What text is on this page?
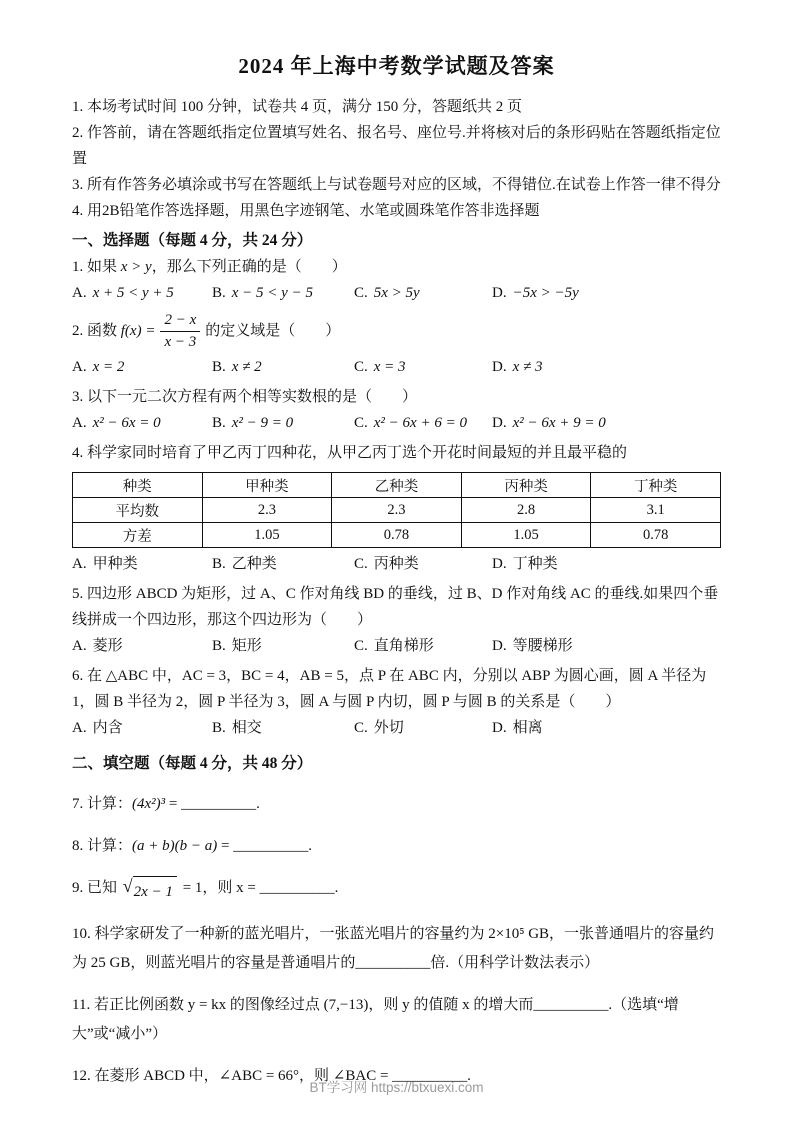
2024 年上海中考数学试题及答案

1. 本场考试时间 100 分钟，试卷共 4 页，满分 150 分，答题纸共 2 页

2. 作答前，请在答题纸指定位置填写姓名、报名号、座位号.并将核对后的条形码贴在答题纸指定位置

3. 所有作答务必填涂或书写在答题纸上与试卷题号对应的区域，不得错位.在试卷上作答一律不得分

4. 用2B铅笔作答选择题，用黑色字迹钢笔、水笔或圆珠笔作答非选择题

一、选择题（每题 4 分，共 24 分）

1. 如果 x > y，那么下列正确的是（　　）

A. x + 5 < y + 5	B. x − 5 < y − 5	C. 5x > 5y	D. −5x > −5y

2. 函数 $f(x) = \frac{2 - x}{x - 3}$ 的定义域是（　　）

A. x = 2	B. x ≠ 2	C. x = 3	D. x ≠ 3

3. 以下一元二次方程有两个相等实数根的是（　　）

A. x² − 6x = 0	B. x² − 9 = 0	C. x² − 6x + 6 = 0	D. x² − 6x + 9 = 0

4. 科学家同时培育了甲乙丙丁四种花，从甲乙丙丁选个开花时间最短的并且最平稳的

种类	甲种类	乙种类	丙种类	丁种类
平均数	2.3	2.3	2.8	3.1
方差	1.05	0.78	1.05	0.78
A. 甲种类	B. 乙种类	C. 丙种类	D. 丁种类

5. 四边形 ABCD 为矩形，过 A、C 作对角线 BD 的垂线，过 B、D 作对角线 AC 的垂线.如果四个垂线拼成一个四边形，那这个四边形为（　　）

A. 菱形	B. 矩形	C. 直角梯形	D. 等腰梯形

6. 在 △ABC 中，AC = 3，BC = 4，AB = 5，点 P 在 ABC 内，分别以 ABP 为圆心画，圆 A 半径为 1，圆 B 半径为 2，圆 P 半径为 3，圆 A 与圆 P 内切，圆 P 与圆 B 的关系是（　　）

A. 内含	B. 相交	C. 外切	D. 相离
二、填空题（每题 4 分，共 48 分）

7. 计算：(4x²)³ = __________.

8. 计算：(a + b)(b − a) = __________.

9. 已知 √ 2x − 1 = 1，则 x = __________.

10. 科学家研发了一种新的蓝光唱片，一张蓝光唱片的容量约为 2×10⁵ GB，一张普通唱片的容量约为 25 GB，则蓝光唱片的容量是普通唱片的__________倍.（用科学计数法表示）

11. 若正比例函数 y = kx 的图像经过点 (7,−13)，则 y 的值随 x 的增大而__________.（选填“增大”或“减小”）

12. 在菱形 ABCD 中，∠ABC = 66°，则 ∠BAC = __________.

BT学习网 https://btxuexi.com
